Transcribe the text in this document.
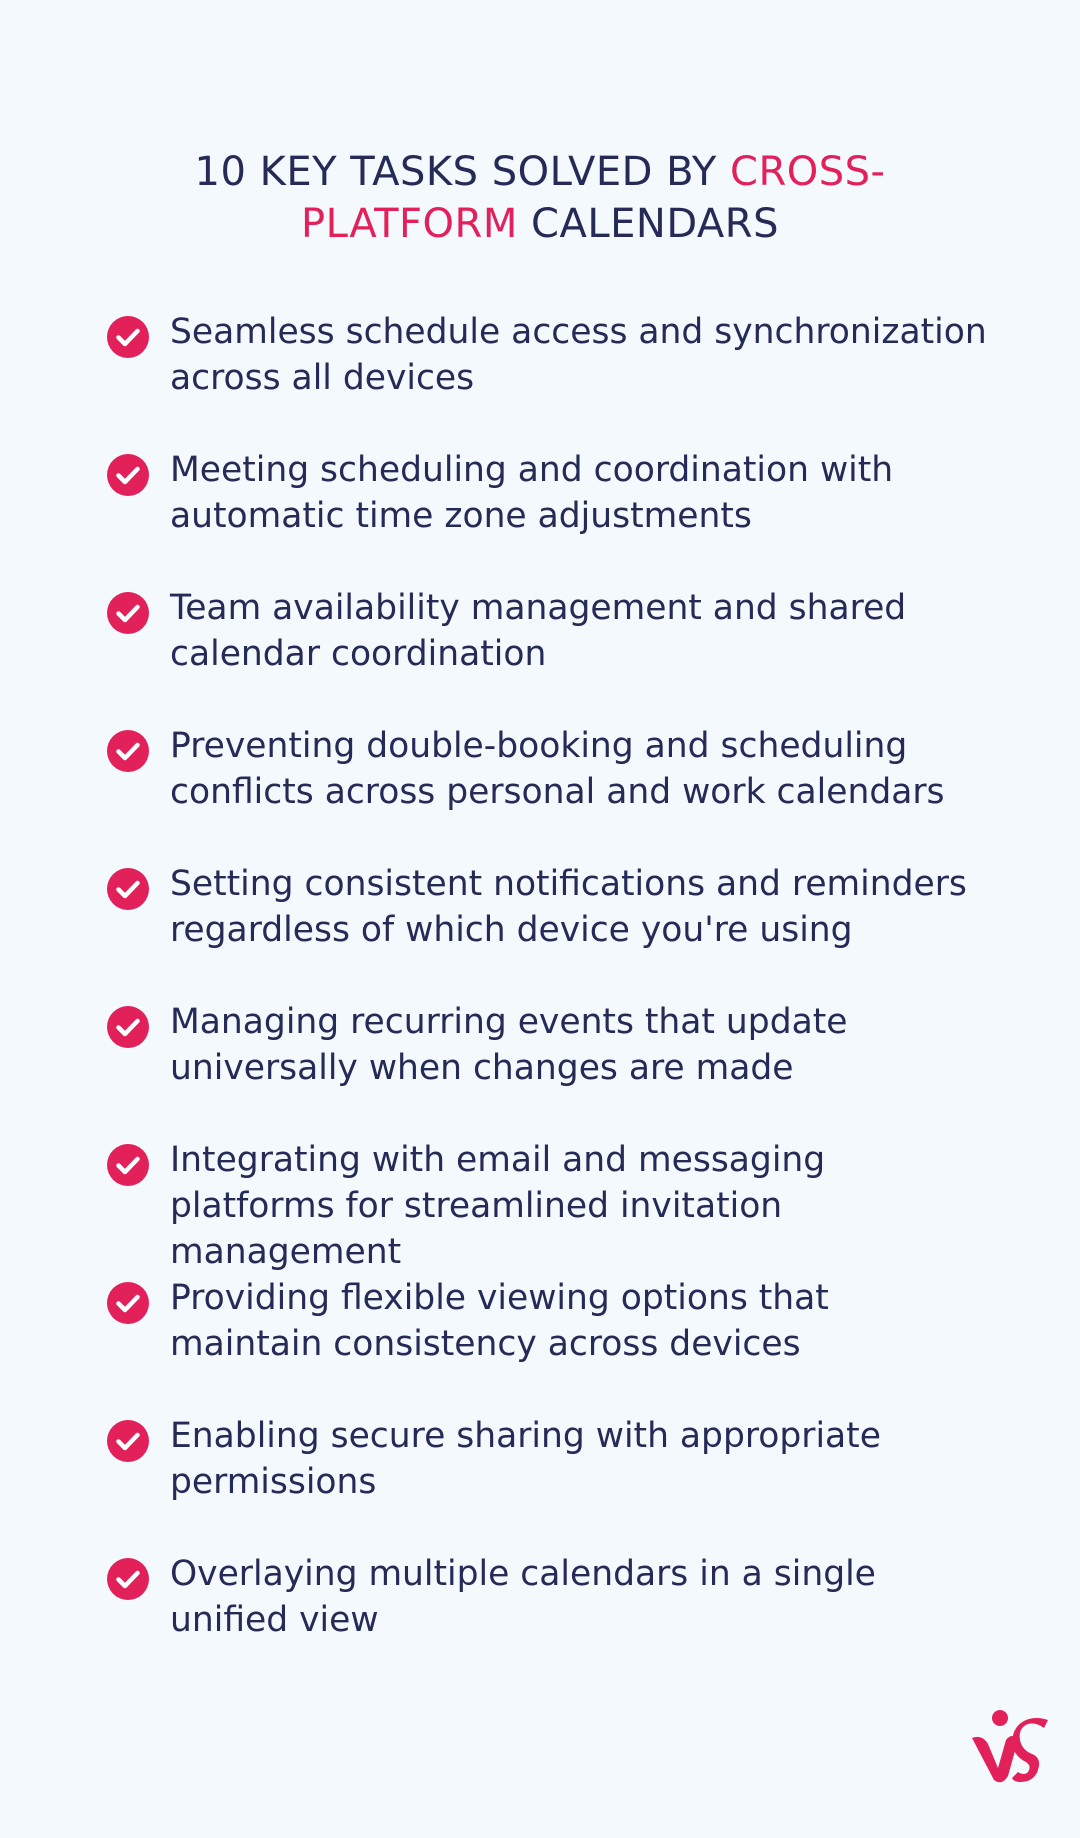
10 KEY TASKS SOLVED BY CROSS-PLATFORM CALENDARS
Seamless schedule access and synchronization across all devices
Meeting scheduling and coordination with automatic time zone adjustments
Team availability management and shared calendar coordination
Preventing double-booking and scheduling conflicts across personal and work calendars
Setting consistent notifications and reminders regardless of which device you're using
Managing recurring events that update universally when changes are made
Integrating with email and messaging platforms for streamlined invitation management
Providing flexible viewing options that maintain consistency across devices
Enabling secure sharing with appropriate permissions
Overlaying multiple calendars in a single unified view
